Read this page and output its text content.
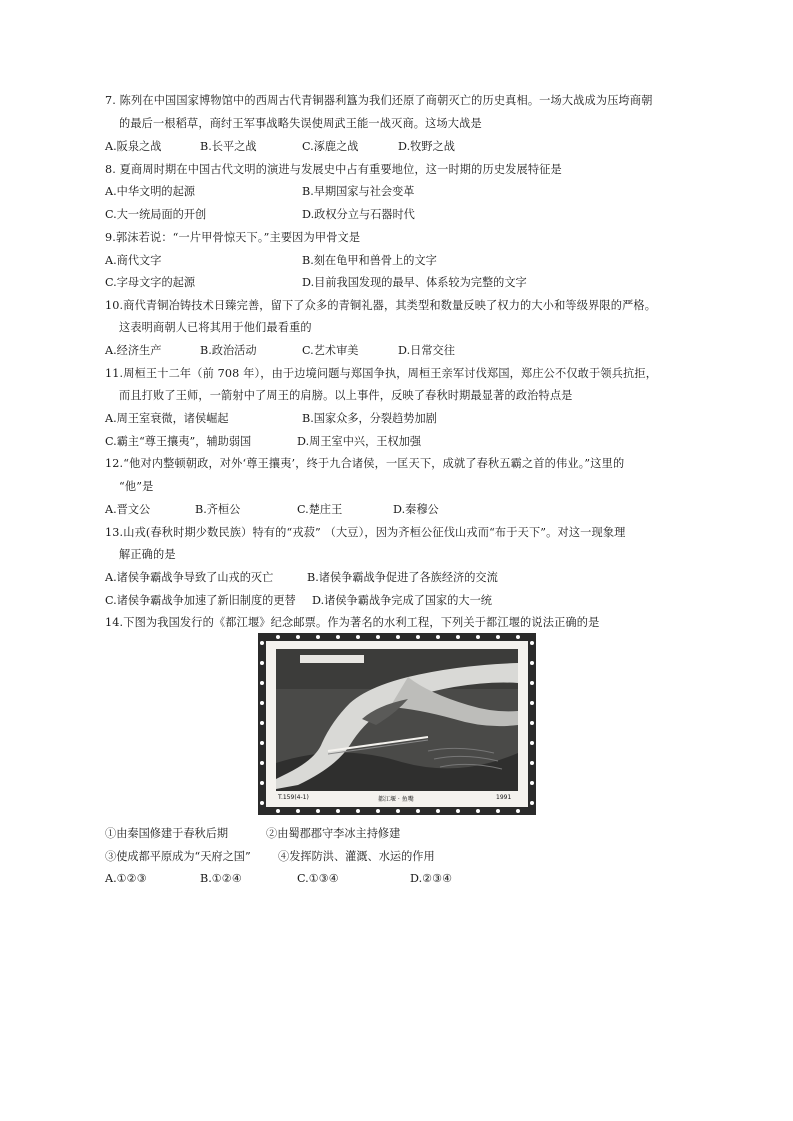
7. 陈列在中国国家博物馆中的西周古代青铜器利簋为我们还原了商朝灭亡的历史真相。一场大战成为压垮商朝
的最后一根稻草，商纣王军事战略失误使周武王能一战灭商。这场大战是
A.阪泉之战	B.长平之战	C.涿鹿之战	D.牧野之战
8. 夏商周时期在中国古代文明的演进与发展史中占有重要地位，这一时期的历史发展特征是
A.中华文明的起源	B.早期国家与社会变革
C.大一统局面的开创	D.政权分立与石器时代
9.郭沫若说：“一片甲骨惊天下。”主要因为甲骨文是
A.商代文字	B.刻在龟甲和兽骨上的文字
C.字母文字的起源	D.目前我国发现的最早、体系较为完整的文字
10.商代青铜冶铸技术日臻完善，留下了众多的青铜礼器，其类型和数量反映了权力的大小和等级界限的严格。
这表明商朝人已将其用于他们最看重的
A.经济生产	B.政治活动	C.艺术审美	D.日常交往
11.周桓王十二年（前 708 年），由于边境问题与郑国争执，周桓王亲军讨伐郑国，郑庄公不仅敢于领兵抗拒，
而且打败了王师，一箭射中了周王的肩膀。以上事件，反映了春秋时期最显著的政治特点是
A.周王室衰微，诸侯崛起	B.国家众多，分裂趋势加剧
C.霸主“尊王攘夷”，辅助弱国	D.周王室中兴，王权加强
12.“他对内整顿朝政，对外‘尊王攘夷’，终于九合诸侯，一匡天下，成就了春秋五霸之首的伟业。”这里的
“他”是
A.晋文公	B.齐桓公	C.楚庄王	D.秦穆公
13.山戎(春秋时期少数民族）特有的“戎菽” （大豆），因为齐桓公征伐山戎而“布于天下”。对这一现象理
解正确的是
A.诸侯争霸战争导致了山戎的灭亡	B.诸侯争霸战争促进了各族经济的交流
C.诸侯争霸战争加速了新旧制度的更替 D.诸侯争霸战争完成了国家的大一统
14.下图为我国发行的《都江堰》纪念邮票。作为著名的水利工程，下列关于都江堰的说法正确的是
T.159(4-1)	都江堰 · 鱼嘴	1991
①由秦国修建于春秋后期	②由蜀郡郡守李冰主持修建
③使成都平原成为“天府之国” ④发挥防洪、灌溉、水运的作用
A.①②③	B.①②④	C.①③④	D.②③④
